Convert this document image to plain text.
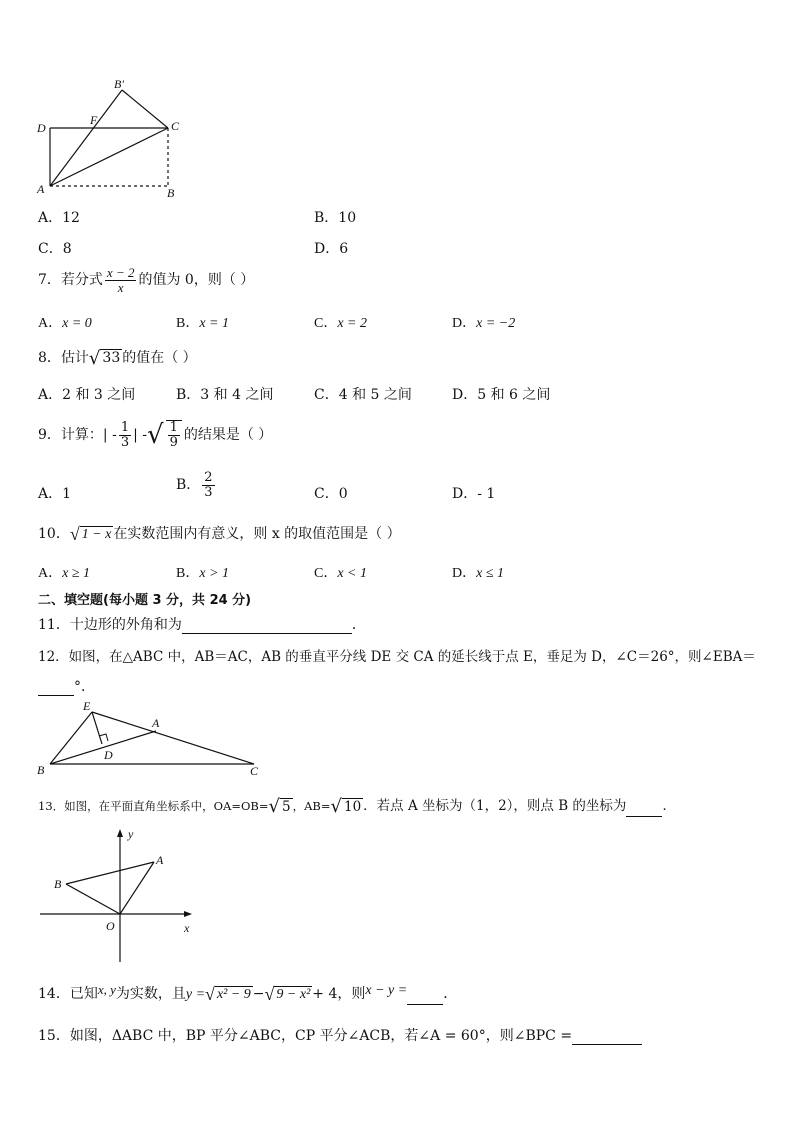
B′
D
F	C
A	B
A．12	B．10
C．8	D．6
7．若分式 $\frac{x - 2}{x}$ 的值为 0，则（ ）
A．x = 0	B．x = 1	C．x = 2	D．x = −2
8．估计√ 33 的值在（ ）
A．2 和 3 之间	B．3 和 4 之间	C．4 和 5 之间	D．5 和 6 之间
9．计算：| - $\frac{1}{3}$ | -√ $\frac{1}{9}$ 的结果是（ ）
A．1
B． $\frac{2}{3}$	C．0	D．- 1
10．√ 1 − x 在实数范围内有意义，则 x 的取值范围是（ ）
A．x ≥ 1	B．x > 1	C．x < 1	D．x ≤ 1
二、填空题(每小题 3 分，共 24 分)
11．十边形的外角和为	．
12．如图，在△ABC 中，AB＝AC，AB 的垂直平分线 DE 交 CA 的延长线于点 E，垂足为 D，∠C＝26°，则∠EBA＝
°．
E
A
D
B	C
13．如图，在平面直角坐标系中，OA=OB=√ 5 ，AB=√ 10 ．若点 A 坐标为（1，2），则点 B 的坐标为	．
y
A
B
O	x
14．已知x, y为实数，且y =√ x² − 9 −√ 9 − x² + 4，则x − y =	．
15．如图，ΔABC 中，BP 平分∠ABC，CP 平分∠ACB，若∠A = 60°，则∠BPC =
